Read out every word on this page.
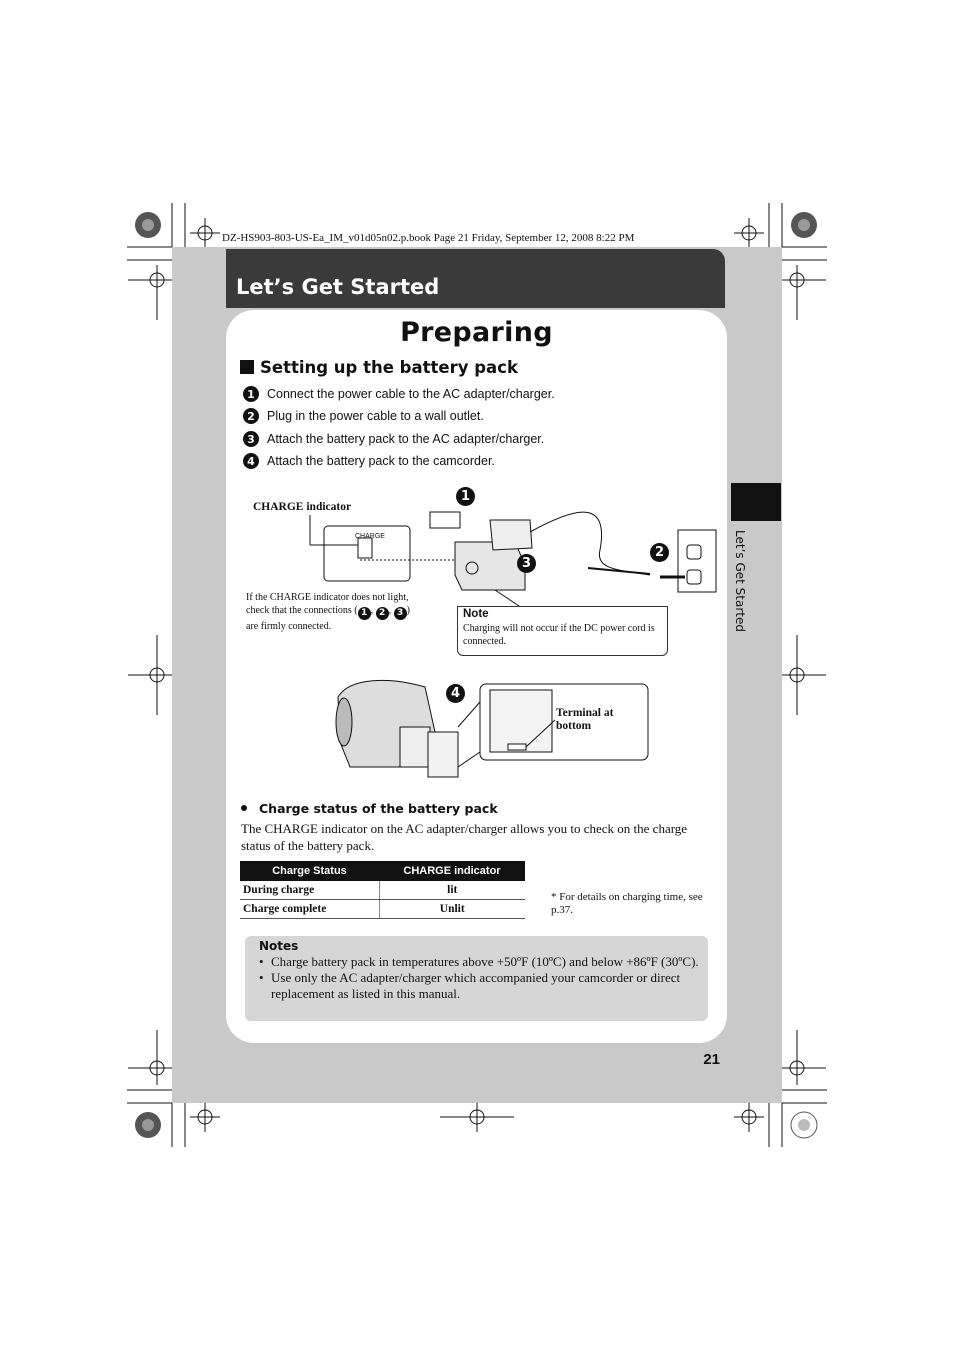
DZ-HS903-803-US-Ea_IM_v01d05n02.p.book Page 21 Friday, September 12, 2008 8:22 PM
Let’s Get Started
Preparing
Setting up the battery pack
1 Connect the power cable to the AC adapter/charger.
2 Plug in the power cable to a wall outlet.
3 Attach the battery pack to the AC adapter/charger.
4 Attach the battery pack to the camcorder.
CHARGE indicator
CHARGE
1
2
3
If the CHARGE indicator does not light,
check that the connections ( 1 , 2 , 3 )
are firmly connected.
Note
Charging will not occur if the DC power cord is connected.
4
Terminal at bottom
Charge status of the battery pack
The CHARGE indicator on the AC adapter/charger allows you to check on the charge status of the battery pack.
Charge Status	CHARGE indicator
During charge	lit
Charge complete	Unlit
* For details on charging time, see p.37.
Notes
• Charge battery pack in temperatures above +50ºF (10ºC) and below +86ºF (30ºC).
• Use only the AC adapter/charger which accompanied your camcorder or direct replacement as listed in this manual.
21
Let’s Get Started
